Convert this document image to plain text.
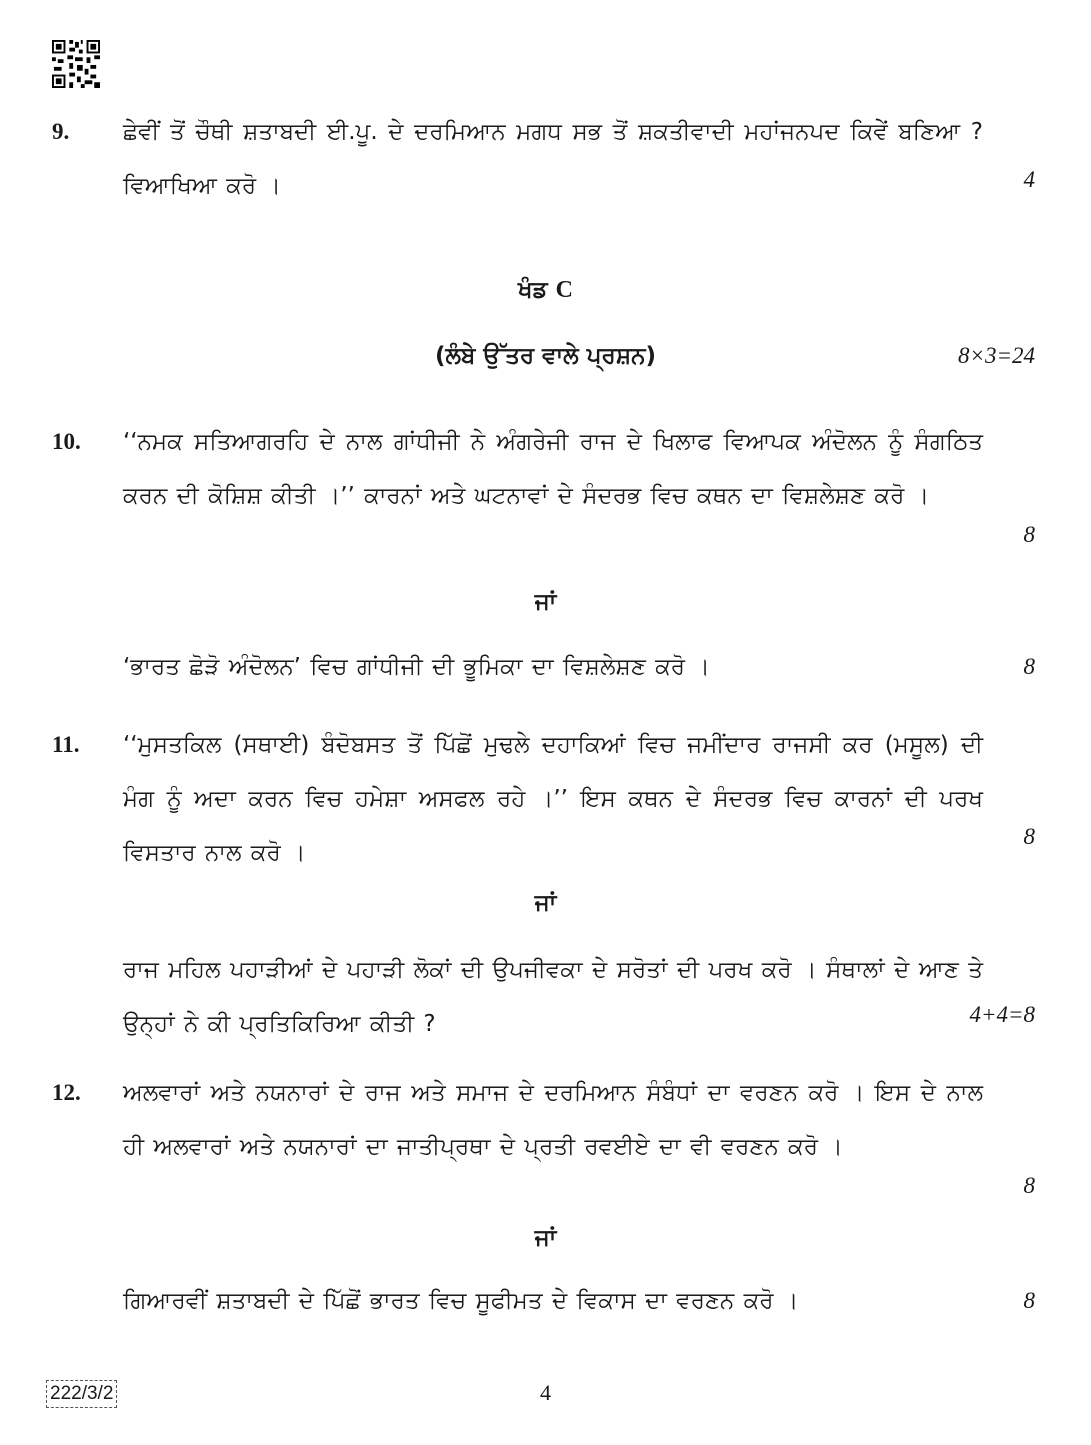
9. ਛੇਵੀਂ ਤੋਂ ਚੌਥੀ ਸ਼ਤਾਬਦੀ ਈ.ਪੂ. ਦੇ ਦਰਮਿਆਨ ਮਗਧ ਸਭ ਤੋਂ ਸ਼ਕਤੀਵਾਦੀ ਮਹਾਂਜਨਪਦ ਕਿਵੇਂ ਬਣਿਆ ? ਵਿਆਖਿਆ ਕਰੋ ।	4
ਖੰਡ C
(ਲੰਬੇ ਉੱਤਰ ਵਾਲੇ ਪ੍ਰਸ਼ਨ)	8×3=24
10. ‘‘ਨਮਕ ਸਤਿਆਗਰਹਿ ਦੇ ਨਾਲ ਗਾਂਧੀਜੀ ਨੇ ਅੰਗਰੇਜੀ ਰਾਜ ਦੇ ਖਿਲਾਫ ਵਿਆਪਕ ਅੰਦੋਲਨ ਨੂੰ ਸੰਗਠਿਤ ਕਰਨ ਦੀ ਕੋਸ਼ਿਸ਼ ਕੀਤੀ ।’’ ਕਾਰਨਾਂ ਅਤੇ ਘਟਨਾਵਾਂ ਦੇ ਸੰਦਰਭ ਵਿਚ ਕਥਨ ਦਾ ਵਿਸ਼ਲੇਸ਼ਣ ਕਰੋ ।
8
ਜਾਂ
‘ਭਾਰਤ ਛੋੜੋ ਅੰਦੋਲਨ’ ਵਿਚ ਗਾਂਧੀਜੀ ਦੀ ਭੂਮਿਕਾ ਦਾ ਵਿਸ਼ਲੇਸ਼ਣ ਕਰੋ ।	8
11. ‘‘ਮੁਸਤਕਿਲ (ਸਥਾਈ) ਬੰਦੋਬਸਤ ਤੋਂ ਪਿੱਛੋਂ ਮੁਢਲੇ ਦਹਾਕਿਆਂ ਵਿਚ ਜਮੀਂਦਾਰ ਰਾਜਸੀ ਕਰ (ਮਸੂਲ) ਦੀ ਮੰਗ ਨੂੰ ਅਦਾ ਕਰਨ ਵਿਚ ਹਮੇਸ਼ਾ ਅਸਫਲ ਰਹੇ ।’’ ਇਸ ਕਥਨ ਦੇ ਸੰਦਰਭ ਵਿਚ ਕਾਰਨਾਂ ਦੀ ਪਰਖ ਵਿਸਤਾਰ ਨਾਲ ਕਰੋ ।
8
ਜਾਂ
ਰਾਜ ਮਹਿਲ ਪਹਾੜੀਆਂ ਦੇ ਪਹਾੜੀ ਲੋਕਾਂ ਦੀ ਉਪਜੀਵਕਾ ਦੇ ਸਰੋਤਾਂ ਦੀ ਪਰਖ ਕਰੋ । ਸੰਥਾਲਾਂ ਦੇ ਆਣ ਤੇ ਉਨ੍ਹਾਂ ਨੇ ਕੀ ਪ੍ਰਤਿਕਿਰਿਆ ਕੀਤੀ ?	4+4=8
12. ਅਲਵਾਰਾਂ ਅਤੇ ਨਯਨਾਰਾਂ ਦੇ ਰਾਜ ਅਤੇ ਸਮਾਜ ਦੇ ਦਰਮਿਆਨ ਸੰਬੰਧਾਂ ਦਾ ਵਰਣਨ ਕਰੋ । ਇਸ ਦੇ ਨਾਲ ਹੀ ਅਲਵਾਰਾਂ ਅਤੇ ਨਯਨਾਰਾਂ ਦਾ ਜਾਤੀਪ੍ਰਥਾ ਦੇ ਪ੍ਰਤੀ ਰਵਈਏ ਦਾ ਵੀ ਵਰਣਨ ਕਰੋ ।
8
ਜਾਂ
ਗਿਆਰਵੀਂ ਸ਼ਤਾਬਦੀ ਦੇ ਪਿੱਛੋਂ ਭਾਰਤ ਵਿਚ ਸੂਫੀਮਤ ਦੇ ਵਿਕਾਸ ਦਾ ਵਰਣਨ ਕਰੋ ।	8
222/3/2	4
